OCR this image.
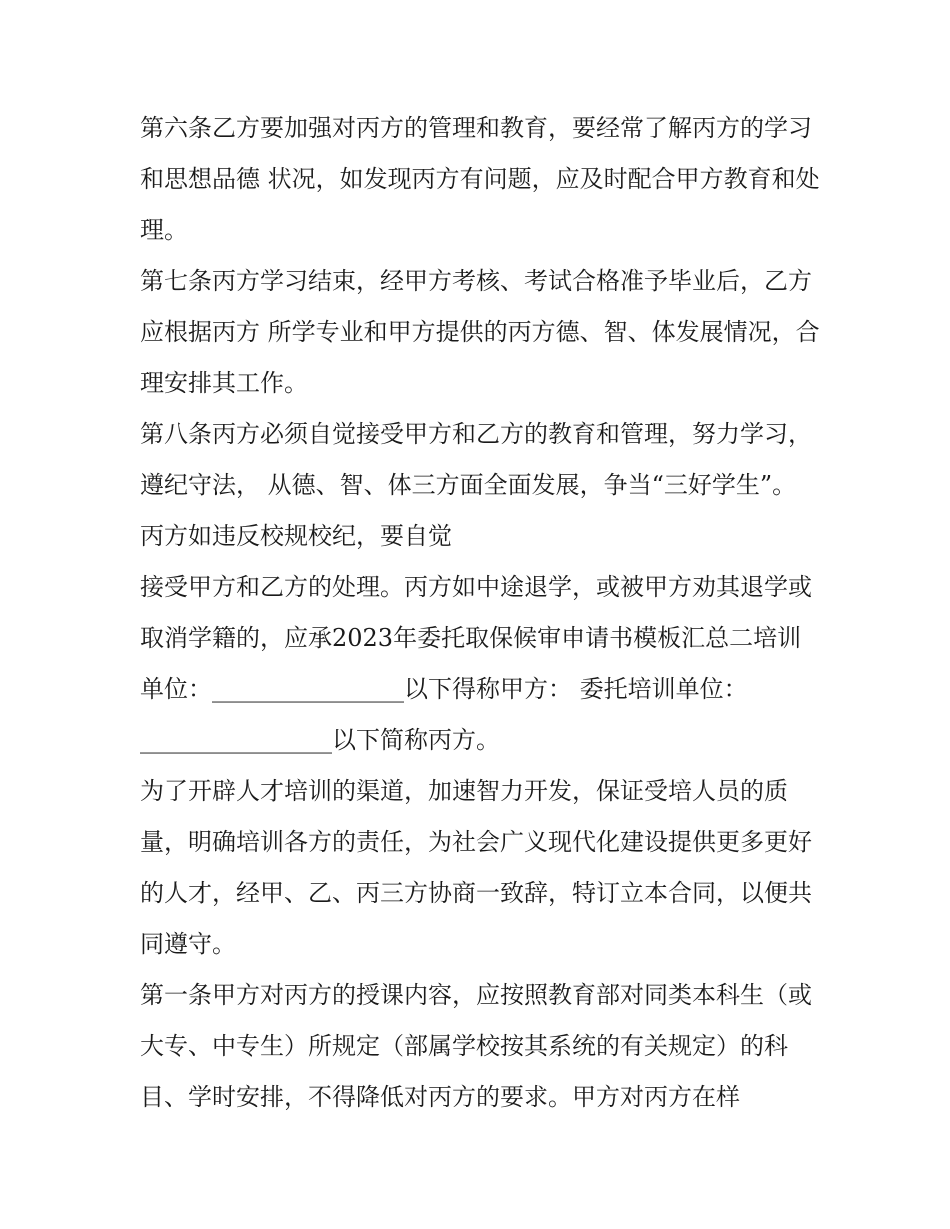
第六条乙方要加强对丙方的管理和教育，要经常了解丙方的学习和思想品德 状况，如发现丙方有问题，应及时配合甲方教育和处理。

第七条丙方学习结束，经甲方考核、考试合格准予毕业后，乙方应根据丙方 所学专业和甲方提供的丙方德、智、体发展情况，合理安排其工作。

第八条丙方必须自觉接受甲方和乙方的教育和管理，努力学习，遵纪守法， 从德、智、体三方面全面发展，争当“三好学生”。丙方如违反校规校纪，要自觉

接受甲方和乙方的处理。丙方如中途退学，或被甲方劝其退学或取消学籍的，应承2023年委托取保候审申请书模板汇总二培训单位：________________以下得称甲方： 委托培训单位：________________以下简称丙方。

为了开辟人才培训的渠道，加速智力开发，保证受培人员的质量，明确培训各方的责任，为社会广义现代化建设提供更多更好的人才，经甲、乙、丙三方协商一致辞，特订立本合同，以便共同遵守。

第一条甲方对丙方的授课内容，应按照教育部对同类本科生（或大专、中专生）所规定（部属学校按其系统的有关规定）的科目、学时安排，不得降低对丙方的要求。甲方对丙方在样
